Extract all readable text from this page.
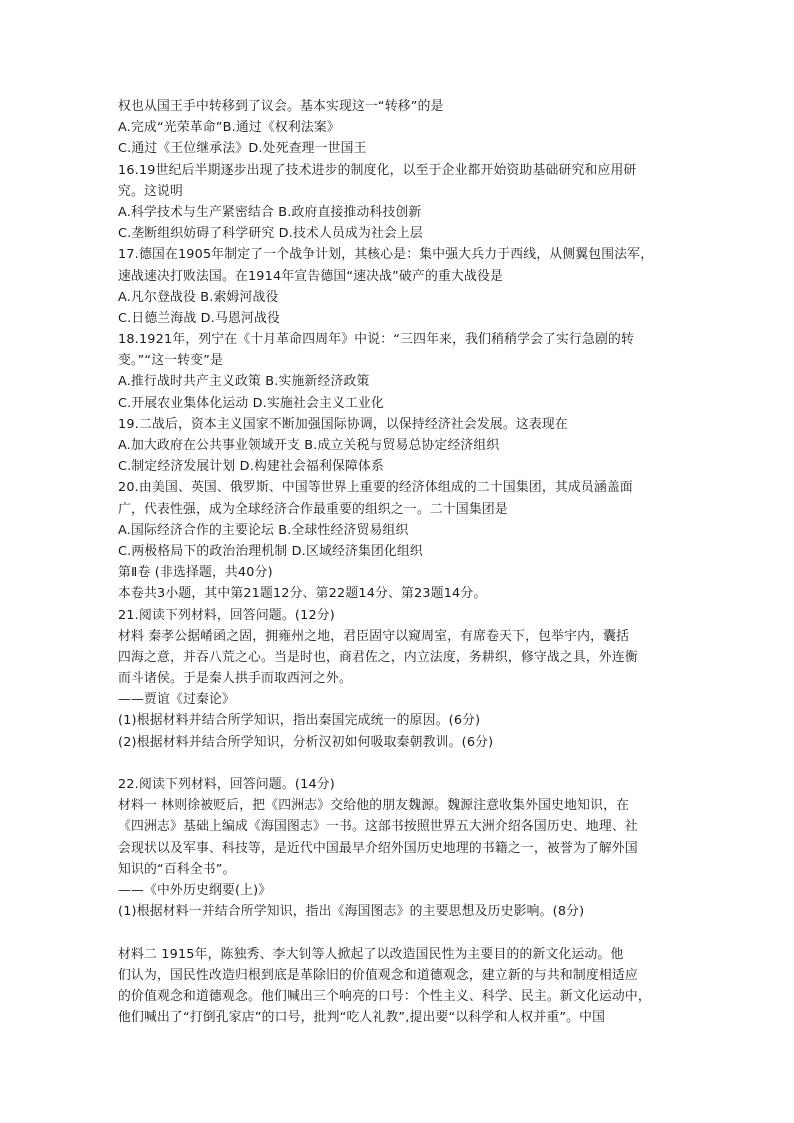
权也从国王手中转移到了议会。基本实现这一“转移”的是
A.完成“光荣革命”B.通过《权利法案》
C.通过《王位继承法》D.处死查理一世国王
16.19世纪后半期逐步出现了技术进步的制度化，以至于企业都开始资助基础研究和应用研
究。这说明
A.科学技术与生产紧密结合 B.政府直接推动科技创新
C.垄断组织妨碍了科学研究 D.技术人员成为社会上层
17.德国在1905年制定了一个战争计划，其核心是：集中强大兵力于西线，从侧翼包围法军，
速战速决打败法国。在1914年宣告德国“速决战”破产的重大战役是
A.凡尔登战役 B.索姆河战役
C.日德兰海战 D.马恩河战役
18.1921年，列宁在《十月革命四周年》中说：“三四年来，我们稍稍学会了实行急剧的转
变。”“这一转变”是
A.推行战时共产主义政策 B.实施新经济政策
C.开展农业集体化运动 D.实施社会主义工业化
19.二战后，资本主义国家不断加强国际协调，以保持经济社会发展。这表现在
A.加大政府在公共事业领域开支 B.成立关税与贸易总协定经济组织
C.制定经济发展计划 D.构建社会福利保障体系
20.由美国、英国、俄罗斯、中国等世界上重要的经济体组成的二十国集团，其成员涵盖面
广，代表性强，成为全球经济合作最重要的组织之一。二十国集团是
A.国际经济合作的主要论坛 B.全球性经济贸易组织
C.两极格局下的政治治理机制 D.区域经济集团化组织
第Ⅱ卷 (非选择题，共40分)
本卷共3小题，其中第21题12分、第22题14分、第23题14分。
21.阅读下列材料，回答问题。(12分)
材料 秦孝公据崤函之固，拥雍州之地，君臣固守以窥周室，有席卷天下，包举宇内，囊括
四海之意，并吞八荒之心。当是时也，商君佐之，内立法度，务耕织，修守战之具，外连衡
而斗诸侯。于是秦人拱手而取西河之外。
——贾谊《过秦论》
(1)根据材料并结合所学知识，指出秦国完成统一的原因。(6分)
(2)根据材料并结合所学知识，分析汉初如何吸取秦朝教训。(6分)
22.阅读下列材料，回答问题。(14分)
材料一 林则徐被贬后，把《四洲志》交给他的朋友魏源。魏源注意收集外国史地知识，在
《四洲志》基础上编成《海国图志》一书。这部书按照世界五大洲介绍各国历史、地理、社
会现状以及军事、科技等，是近代中国最早介绍外国历史地理的书籍之一，被誉为了解外国
知识的“百科全书”。
——《中外历史纲要(上)》
(1)根据材料一并结合所学知识，指出《海国图志》的主要思想及历史影响。(8分)
材料二 1915年，陈独秀、李大钊等人掀起了以改造国民性为主要目的的新文化运动。他
们认为，国民性改造归根到底是革除旧的价值观念和道德观念，建立新的与共和制度相适应
的价值观念和道德观念。他们喊出三个响亮的口号：个性主义、科学、民主。新文化运动中，
他们喊出了“打倒孔家店”的口号，批判“吃人礼教”,提出要“以科学和人权并重”。中国
